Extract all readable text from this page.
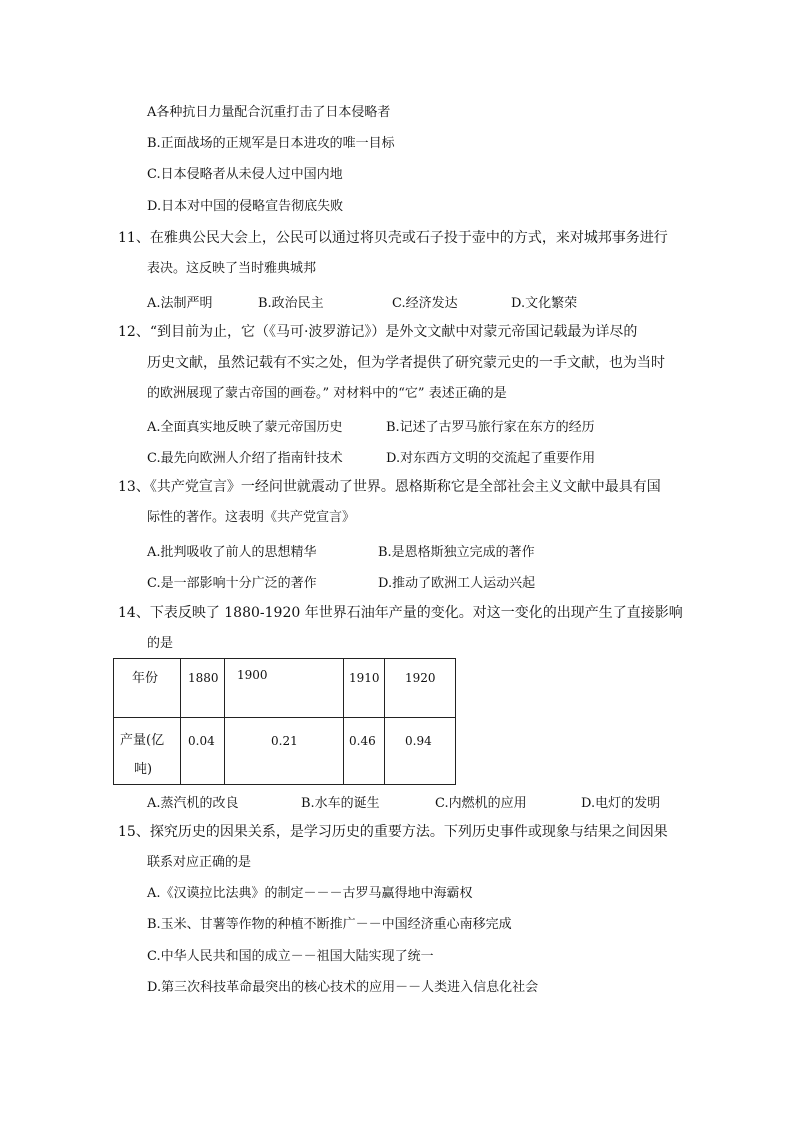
A各种抗日力量配合沉重打击了日本侵略者
B.正面战场的正规军是日本进攻的唯一目标
C.日本侵略者从未侵人过中国内地
D.日本对中国的侵略宣告彻底失败
11、在雅典公民大会上，公民可以通过将贝壳或石子投于壶中的方式，来对城邦事务进行
表决。这反映了当时雅典城邦
A.法制严明	B.政治民主	C.经济发达	D.文化繁荣
12、“到目前为止，它（《马可·波罗游记》）是外文文献中对蒙元帝国记载最为详尽的
历史文献，虽然记载有不实之处，但为学者提供了研究蒙元史的一手文献，也为当时
的欧洲展现了蒙古帝国的画卷。” 对材料中的“它” 表述正确的是
A.全面真实地反映了蒙元帝国历史	B.记述了古罗马旅行家在东方的经历
C.最先向欧洲人介绍了指南针技术	D.对东西方文明的交流起了重要作用
13、《共产党宣言》一经问世就震动了世界。恩格斯称它是全部社会主义文献中最具有国
际性的著作。这表明《共产党宣言》
A.批判吸收了前人的思想精华	B.是恩格斯独立完成的著作
C.是一部影响十分广泛的著作	D.推动了欧洲工人运动兴起
14、下表反映了 1880-1920 年世界石油年产量的变化。对这一变化的出现产生了直接影响
的是
年份	1880	1900	1910	1920

产量(亿
吨)	0.04	0.21	0.46	0.94
A.蒸汽机的改良	B.水车的诞生	C.内燃机的应用	D.电灯的发明
15、探究历史的因果关系，是学习历史的重要方法。下列历史事件或现象与结果之间因果
联系对应正确的是
A.《汉谟拉比法典》的制定－－－古罗马赢得地中海霸权
B.玉米、甘薯等作物的种植不断推广－－中国经济重心南移完成
C.中华人民共和国的成立－－祖国大陆实现了统一
D.第三次科技革命最突出的核心技术的应用－－人类进入信息化社会
